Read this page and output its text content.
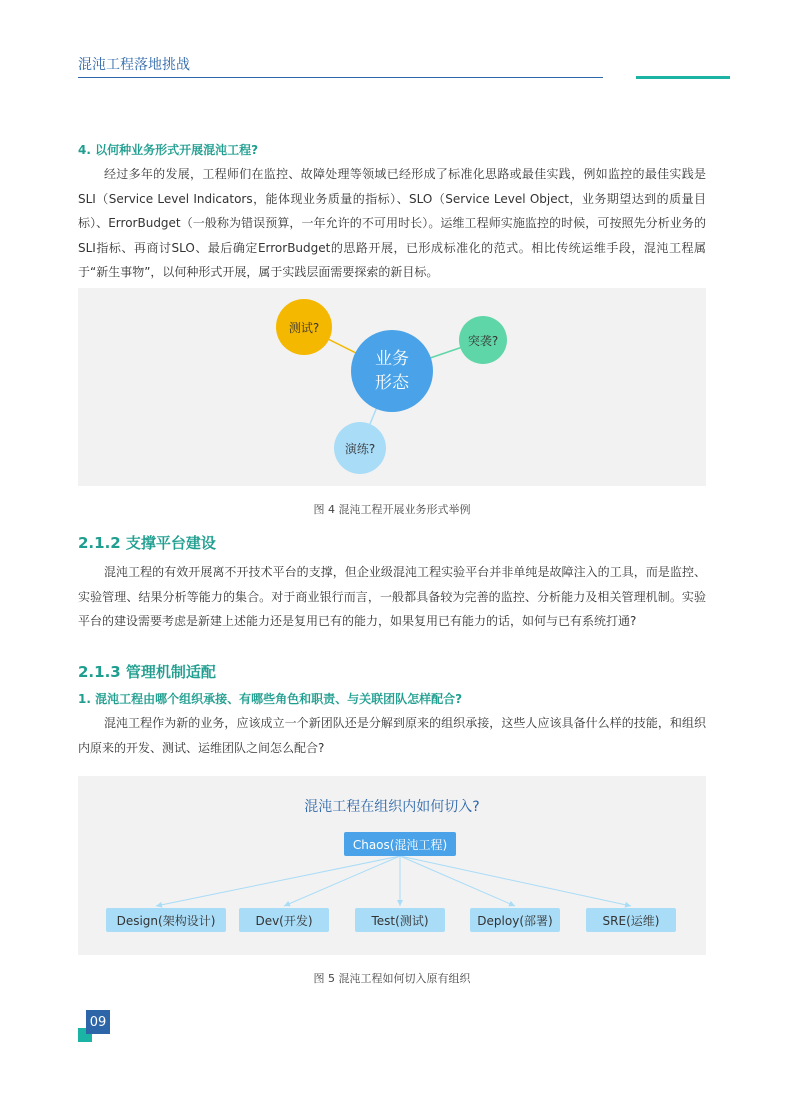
混沌工程落地挑战
4. 以何种业务形式开展混沌工程?
经过多年的发展，工程师们在监控、故障处理等领域已经形成了标准化思路或最佳实践，例如监控的最佳实践是SLI（Service Level Indicators，能体现业务质量的指标）、SLO（Service Level Object，业务期望达到的质量目标）、ErrorBudget（一般称为错误预算，一年允许的不可用时长）。运维工程师实施监控的时候，可按照先分析业务的SLI指标、再商讨SLO、最后确定ErrorBudget的思路开展，已形成标准化的范式。相比传统运维手段，混沌工程属于“新生事物”，以何种形式开展，属于实践层面需要探索的新目标。
测试?
突袭?
演练?
业务
形态
图 4 混沌工程开展业务形式举例
2.1.2 支撑平台建设
混沌工程的有效开展离不开技术平台的支撑，但企业级混沌工程实验平台并非单纯是故障注入的工具，而是监控、实验管理、结果分析等能力的集合。对于商业银行而言，一般都具备较为完善的监控、分析能力及相关管理机制。实验平台的建设需要考虑是新建上述能力还是复用已有的能力，如果复用已有能力的话，如何与已有系统打通?
2.1.3 管理机制适配
1. 混沌工程由哪个组织承接、有哪些角色和职责、与关联团队怎样配合?
混沌工程作为新的业务，应该成立一个新团队还是分解到原来的组织承接，这些人应该具备什么样的技能，和组织内原来的开发、测试、运维团队之间怎么配合?
混沌工程在组织内如何切入?
Chaos(混沌工程)
Design(架构设计)	Dev(开发)	Test(测试)	Deploy(部署)	SRE(运维)
图 5 混沌工程如何切入原有组织
09
